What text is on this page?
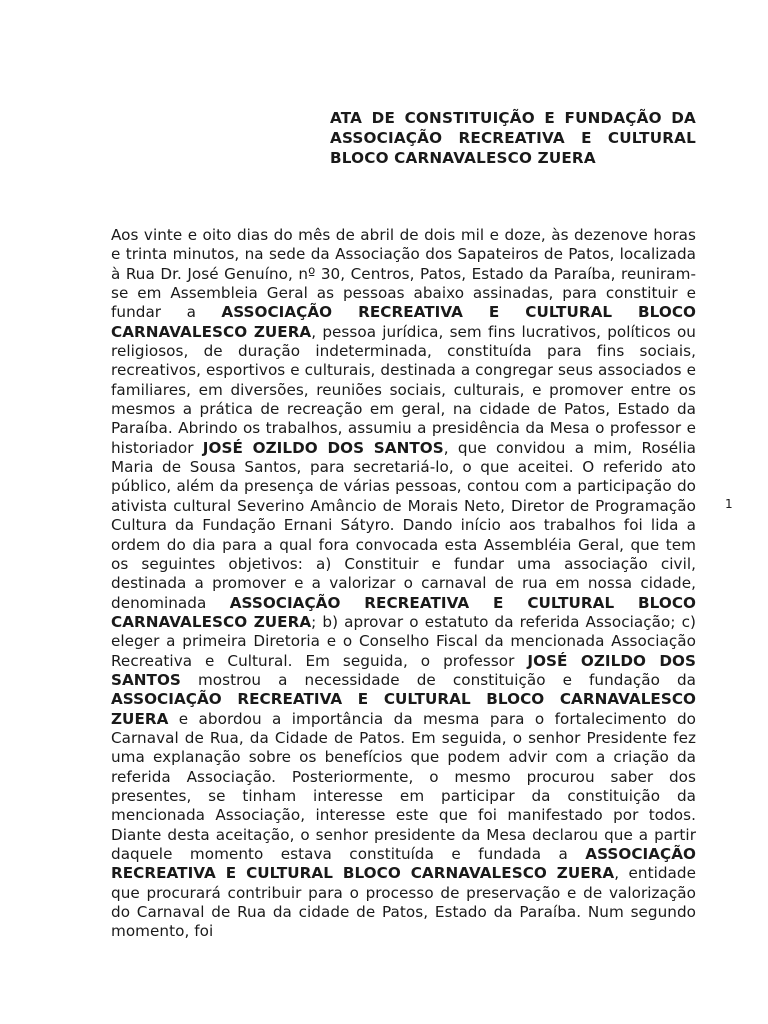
ATA DE CONSTITUIÇÃO E FUNDAÇÃO DA ASSOCIAÇÃO RECREATIVA E CULTURAL BLOCO CARNAVALESCO ZUERA

Aos vinte e oito dias do mês de abril de dois mil e doze, às dezenove horas e trinta minutos, na sede da Associação dos Sapateiros de Patos, localizada à Rua Dr. José Genuíno, nº 30, Centros, Patos, Estado da Paraíba, reuniram-se em Assembleia Geral as pessoas abaixo assinadas, para constituir e fundar a ASSOCIAÇÃO RECREATIVA E CULTURAL BLOCO CARNAVALESCO ZUERA, pessoa jurídica, sem fins lucrativos, políticos ou religiosos, de duração indeterminada, constituída para fins sociais, recreativos, esportivos e culturais, destinada a congregar seus associados e familiares, em diversões, reuniões sociais, culturais, e promover entre os mesmos a prática de recreação em geral, na cidade de Patos, Estado da Paraíba. Abrindo os trabalhos, assumiu a presidência da Mesa o professor e historiador JOSÉ OZILDO DOS SANTOS, que convidou a mim, Rosélia Maria de Sousa Santos, para secretariá-lo, o que aceitei. O referido ato público, além da presença de várias pessoas, contou com a participação do ativista cultural Severino Amâncio de Morais Neto, Diretor de Programação Cultura da Fundação Ernani Sátyro. Dando início aos trabalhos foi lida a ordem do dia para a qual fora convocada esta Assembléia Geral, que tem os seguintes objetivos: a) Constituir e fundar uma associação civil, destinada a promover e a valorizar o carnaval de rua em nossa cidade, denominada ASSOCIAÇÃO RECREATIVA E CULTURAL BLOCO CARNAVALESCO ZUERA; b) aprovar o estatuto da referida Associação; c) eleger a primeira Diretoria e o Conselho Fiscal da mencionada Associação Recreativa e Cultural. Em seguida, o professor JOSÉ OZILDO DOS SANTOS mostrou a necessidade de constituição e fundação da ASSOCIAÇÃO RECREATIVA E CULTURAL BLOCO CARNAVALESCO ZUERA e abordou a importância da mesma para o fortalecimento do Carnaval de Rua, da Cidade de Patos. Em seguida, o senhor Presidente fez uma explanação sobre os benefícios que podem advir com a criação da referida Associação. Posteriormente, o mesmo procurou saber dos presentes, se tinham interesse em participar da constituição da mencionada Associação, interesse este que foi manifestado por todos. Diante desta aceitação, o senhor presidente da Mesa declarou que a partir daquele momento estava constituída e fundada a ASSOCIAÇÃO RECREATIVA E CULTURAL BLOCO CARNAVALESCO ZUERA, entidade que procurará contribuir para o processo de preservação e de valorização do Carnaval de Rua da cidade de Patos, Estado da Paraíba. Num segundo momento, foi

1
